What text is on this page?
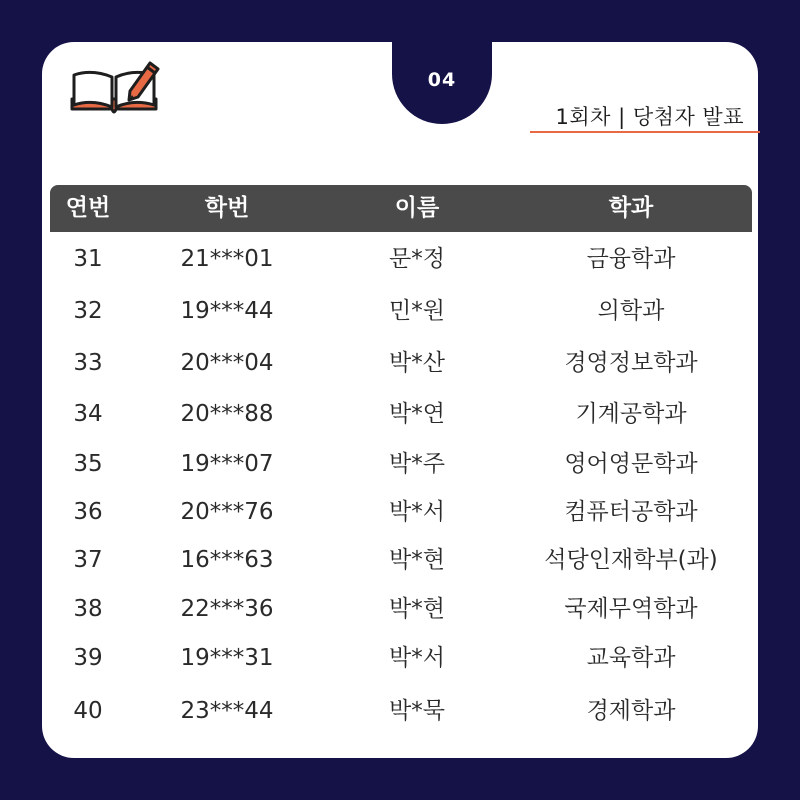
04
1회차 | 당첨자 발표
연번	학번	이름	학과
31	21***01	문*정	금융학과
32	19***44	민*원	의학과
33	20***04	박*산	경영정보학과
34	20***88	박*연	기계공학과
35	19***07	박*주	영어영문학과
36	20***76	박*서	컴퓨터공학과
37	16***63	박*현	석당인재학부(과)
38	22***36	박*현	국제무역학과
39	19***31	박*서	교육학과
40	23***44	박*묵	경제학과
